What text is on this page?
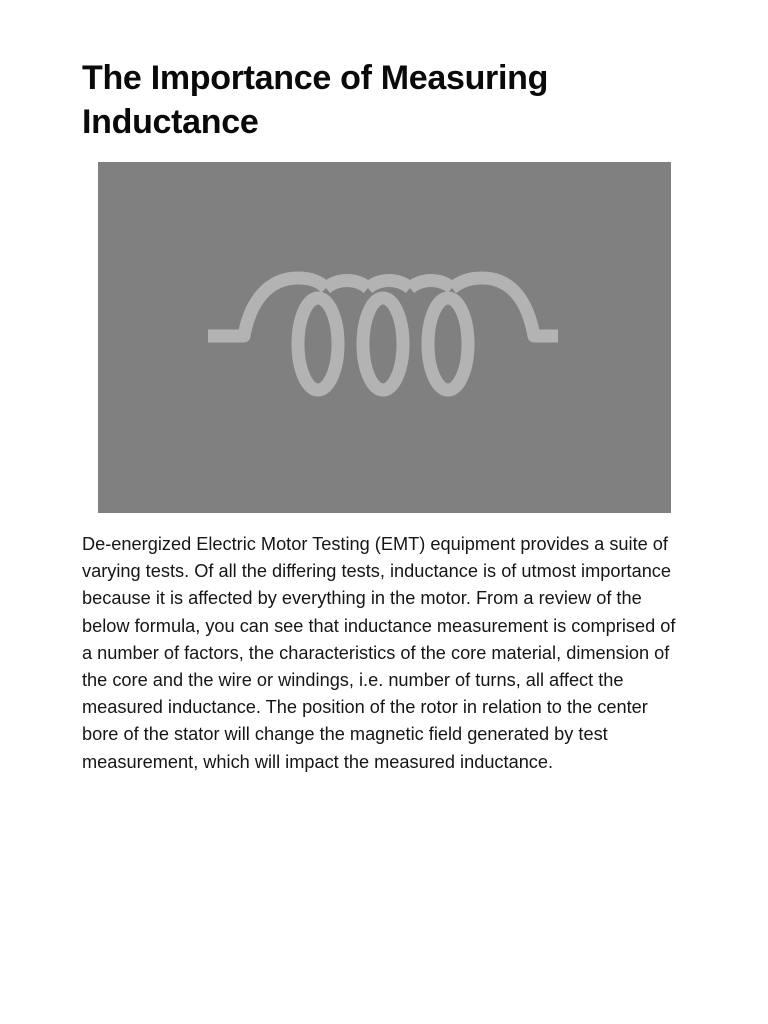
The Importance of Measuring Inductance

De-energized Electric Motor Testing (EMT) equipment provides a suite of varying tests. Of all the differing tests, inductance is of utmost importance because it is affected by everything in the motor. From a review of the below formula, you can see that inductance measurement is comprised of a number of factors, the characteristics of the core material, dimension of the core and the wire or windings, i.e. number of turns, all affect the measured inductance. The position of the rotor in relation to the center bore of the stator will change the magnetic field generated by test measurement, which will impact the measured inductance.
